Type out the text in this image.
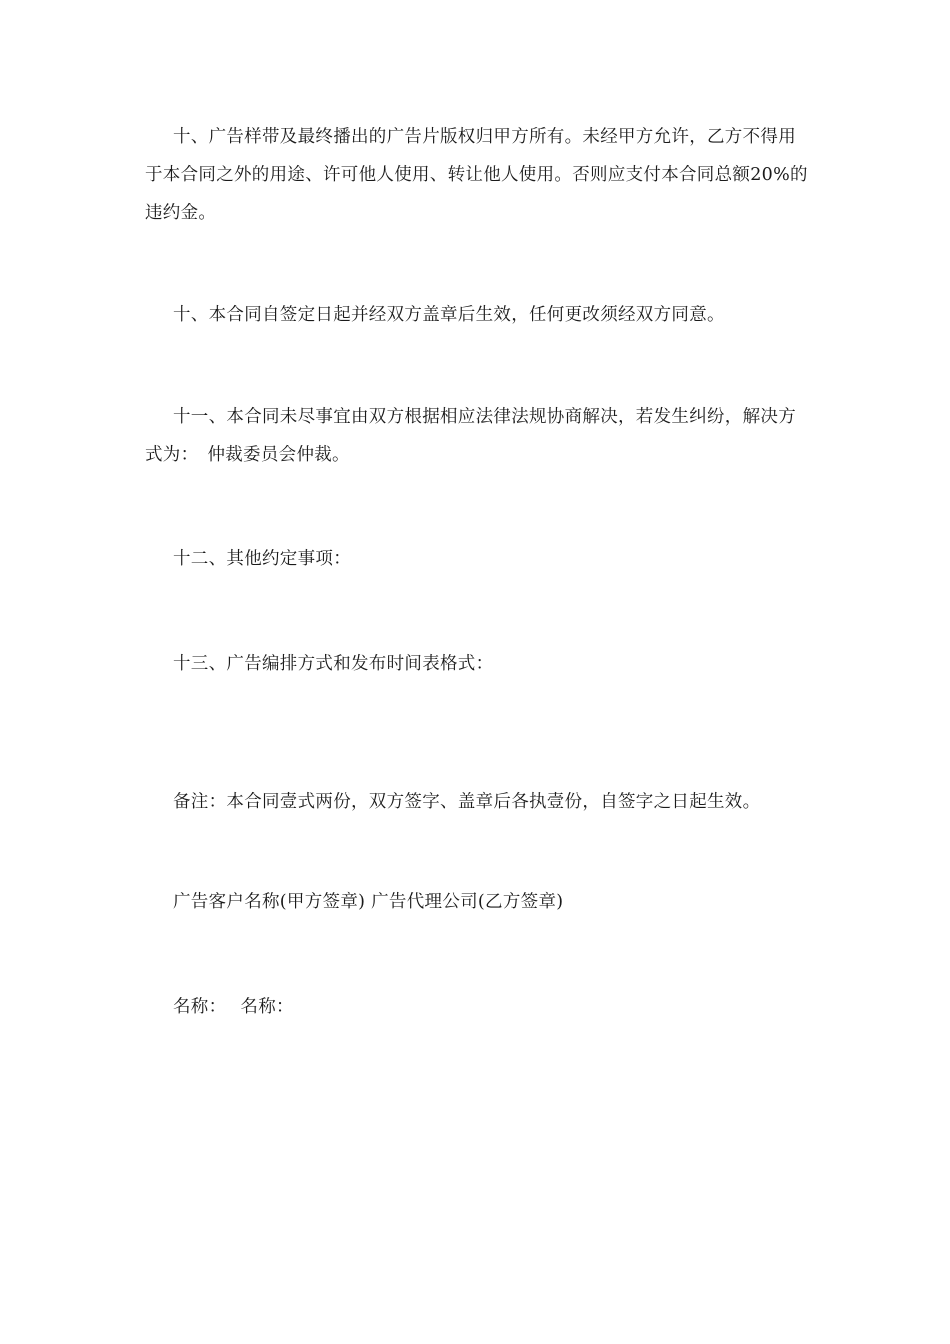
十、广告样带及最终播出的广告片版权归甲方所有。未经甲方允许，乙方不得用于本合同之外的用途、许可他人使用、转让他人使用。否则应支付本合同总额20%的违约金。

十、本合同自签定日起并经双方盖章后生效，任何更改须经双方同意。

十一、本合同未尽事宜由双方根据相应法律法规协商解决，若发生纠纷，解决方式为：　仲裁委员会仲裁。

十二、其他约定事项：

十三、广告编排方式和发布时间表格式：

备注：本合同壹式两份，双方签字、盖章后各执壹份，自签字之日起生效。

广告客户名称(甲方签章) 广告代理公司(乙方签章)

名称： 名称：
